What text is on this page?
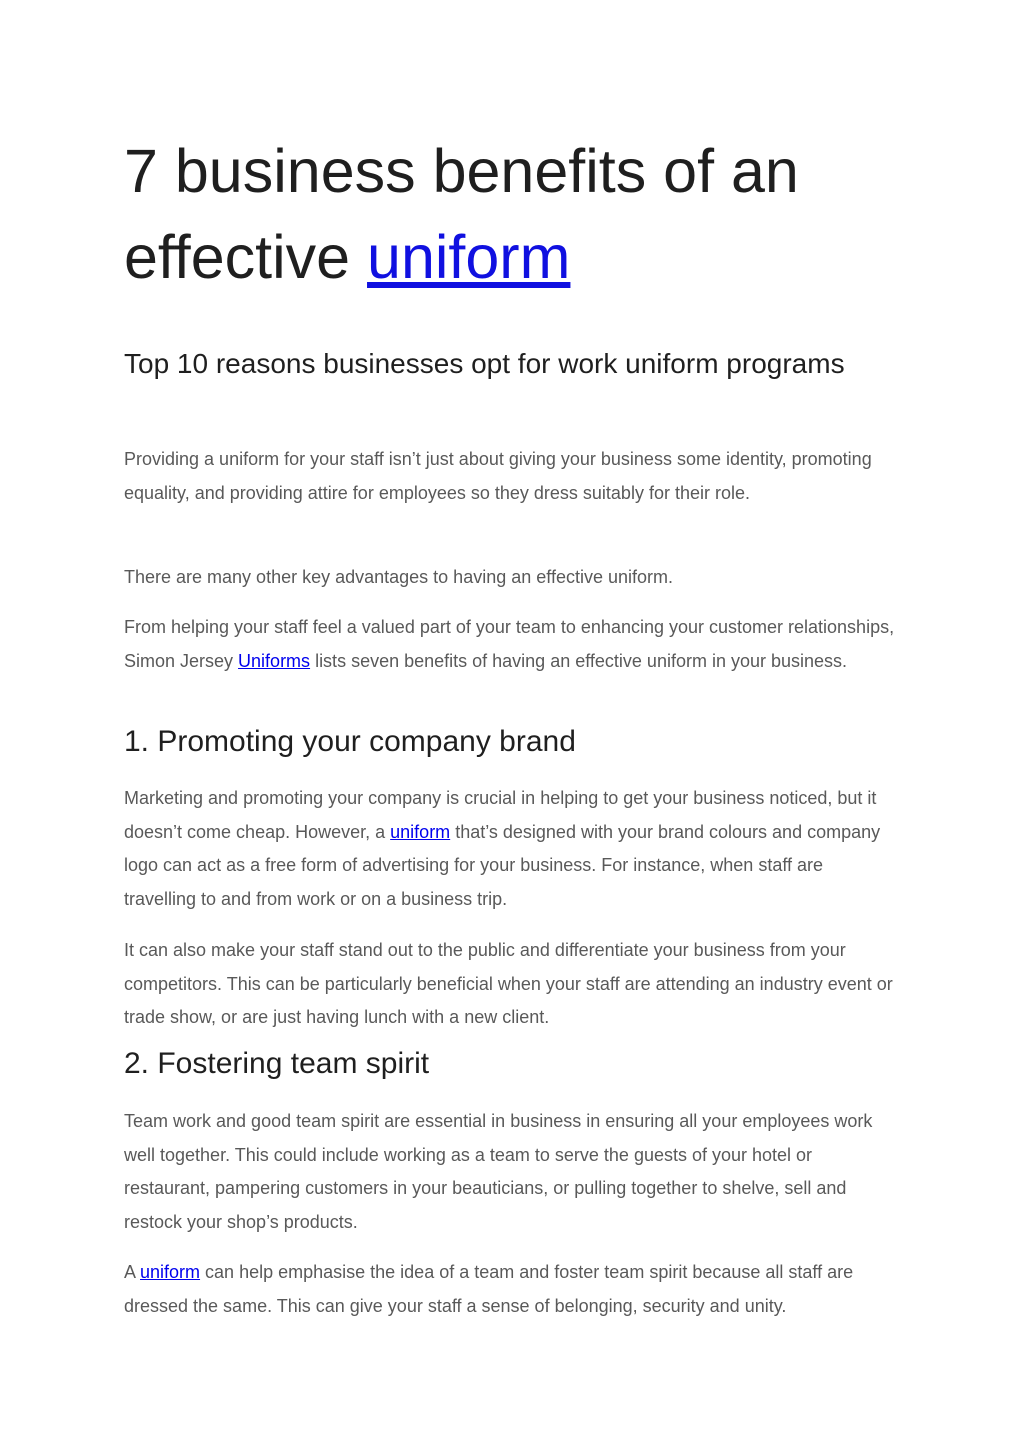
7 business benefits of an
effective uniform
Top 10 reasons businesses opt for work uniform programs

Providing a uniform for your staff isn’t just about giving your business some identity, promoting equality, and providing attire for employees so they dress suitably for their role.

There are many other key advantages to having an effective uniform.

From helping your staff feel a valued part of your team to enhancing your customer relationships, Simon Jersey Uniforms lists seven benefits of having an effective uniform in your business.

1. Promoting your company brand

Marketing and promoting your company is crucial in helping to get your business noticed, but it doesn’t come cheap. However, a uniform that’s designed with your brand colours and company logo can act as a free form of advertising for your business. For instance, when staff are travelling to and from work or on a business trip.

It can also make your staff stand out to the public and differentiate your business from your competitors. This can be particularly beneficial when your staff are attending an industry event or trade show, or are just having lunch with a new client.

2. Fostering team spirit

Team work and good team spirit are essential in business in ensuring all your employees work well together. This could include working as a team to serve the guests of your hotel or restaurant, pampering customers in your beauticians, or pulling together to shelve, sell and restock your shop’s products.

A uniform can help emphasise the idea of a team and foster team spirit because all staff are dressed the same. This can give your staff a sense of belonging, security and unity.
